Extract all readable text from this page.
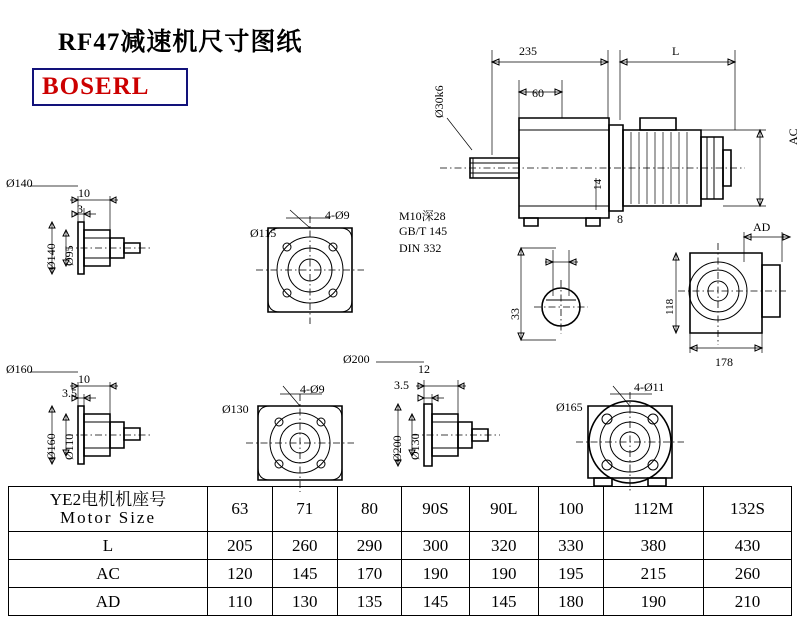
RF47减速机尺寸图纸
BOSERL
235	L
60
Ø30k6
AC
AD
14
8
33	118
178
M10深28
GB/T 145
DIN 332
Ø140
10
3
Ø140 Ø95
Ø115
4-Ø9
Ø160
10
3.5
Ø160 Ø110
Ø130
4-Ø9
Ø200
12
3.5
Ø200 Ø130
Ø165
4-Ø11
YE2电机机座号
Motor Size	63	71	80	90S	90L	100	112M	132S
L	205	260	290	300	320	330	380	430
AC	120	145	170	190	190	195	215	260
AD	110	130	135	145	145	180	190	210
